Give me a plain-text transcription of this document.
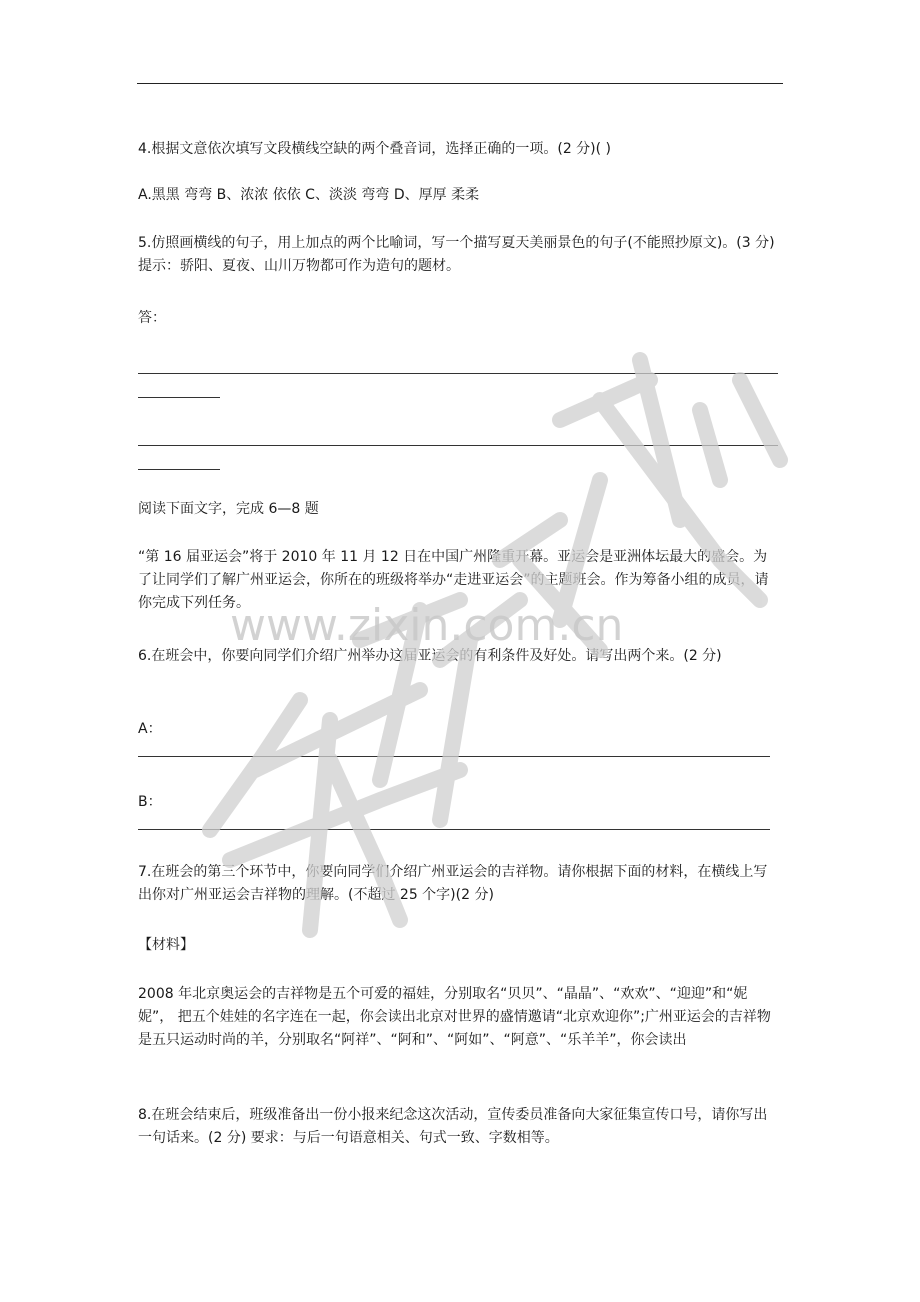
4.根据文意依次填写文段横线空缺的两个叠音词，选择正确的一项。(2 分)( )

A.黑黑 弯弯 B、浓浓 依依 C、淡淡 弯弯 D、厚厚 柔柔

5.仿照画横线的句子，用上加点的两个比喻词，写一个描写夏天美丽景色的句子(不能照抄原文)。(3 分) 提示：骄阳、夏夜、山川万物都可作为造句的题材。

答：

阅读下面文字，完成 6—8 题

“第 16 届亚运会”将于 2010 年 11 月 12 日在中国广州隆重开幕。亚运会是亚洲体坛最大的盛会。为了让同学们了解广州亚运会，你所在的班级将举办“走进亚运会”的主题班会。作为筹备小组的成员，请你完成下列任务。

6.在班会中，你要向同学们介绍广州举办这届亚运会的有利条件及好处。请写出两个来。(2 分)

A：

B：

7.在班会的第三个环节中，你要向同学们介绍广州亚运会的吉祥物。请你根据下面的材料，在横线上写出你对广州亚运会吉祥物的理解。(不超过 25 个字)(2 分)

【材料】

2008 年北京奥运会的吉祥物是五个可爱的福娃，分别取名“贝贝”、“晶晶”、“欢欢”、“迎迎”和“妮妮”， 把五个娃娃的名字连在一起，你会读出北京对世界的盛情邀请“北京欢迎你”;广州亚运会的吉祥物是五只运动时尚的羊，分别取名“阿祥”、“阿和”、“阿如”、“阿意”、“乐羊羊”，你会读出

8.在班会结束后，班级准备出一份小报来纪念这次活动，宣传委员准备向大家征集宣传口号，请你写出一句话来。(2 分) 要求：与后一句语意相关、句式一致、字数相等。

www.zixin.com.cn
